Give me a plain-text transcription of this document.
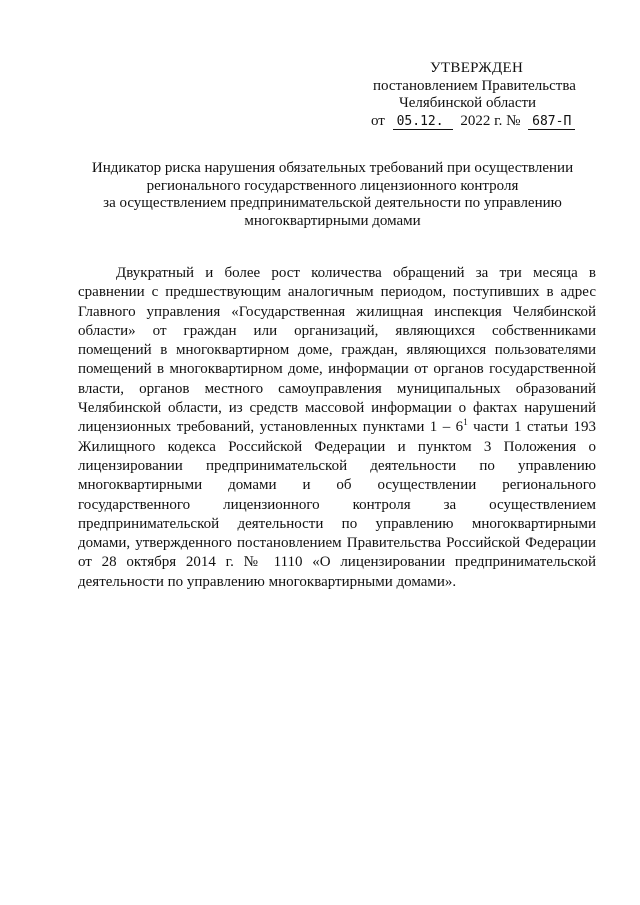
УТВЕРЖДЕН
постановлением Правительства
Челябинской области
от 05.12. 2022 г. № 687-П
Индикатор риска нарушения обязательных требований при осуществлении
регионального государственного лицензионного контроля
за осуществлением предпринимательской деятельности по управлению
многоквартирными домами
Двукратный и более рост количества обращений за три месяца в
сравнении с предшествующим аналогичным периодом, поступивших в адрес
Главного управления «Государственная жилищная инспекция Челябинской
области» от граждан или организаций, являющихся собственниками
помещений в многоквартирном доме, граждан, являющихся пользователями
помещений в многоквартирном доме, информации от органов государственной
власти, органов местного самоуправления муниципальных образований
Челябинской области, из средств массовой информации о фактах нарушений
лицензионных требований, установленных пунктами $1 - 6^1$ части 1 статьи 193
Жилищного кодекса Российской Федерации и пунктом 3 Положения о
лицензировании предпринимательской деятельности по управлению
многоквартирными домами и об осуществлении регионального
государственного лицензионного контроля за осуществлением
предпринимательской деятельности по управлению многоквартирными
домами, утвержденного постановлением Правительства Российской Федерации
от 28 октября 2014 г. № 1110 «О лицензировании предпринимательской
деятельности по управлению многоквартирными домами».
